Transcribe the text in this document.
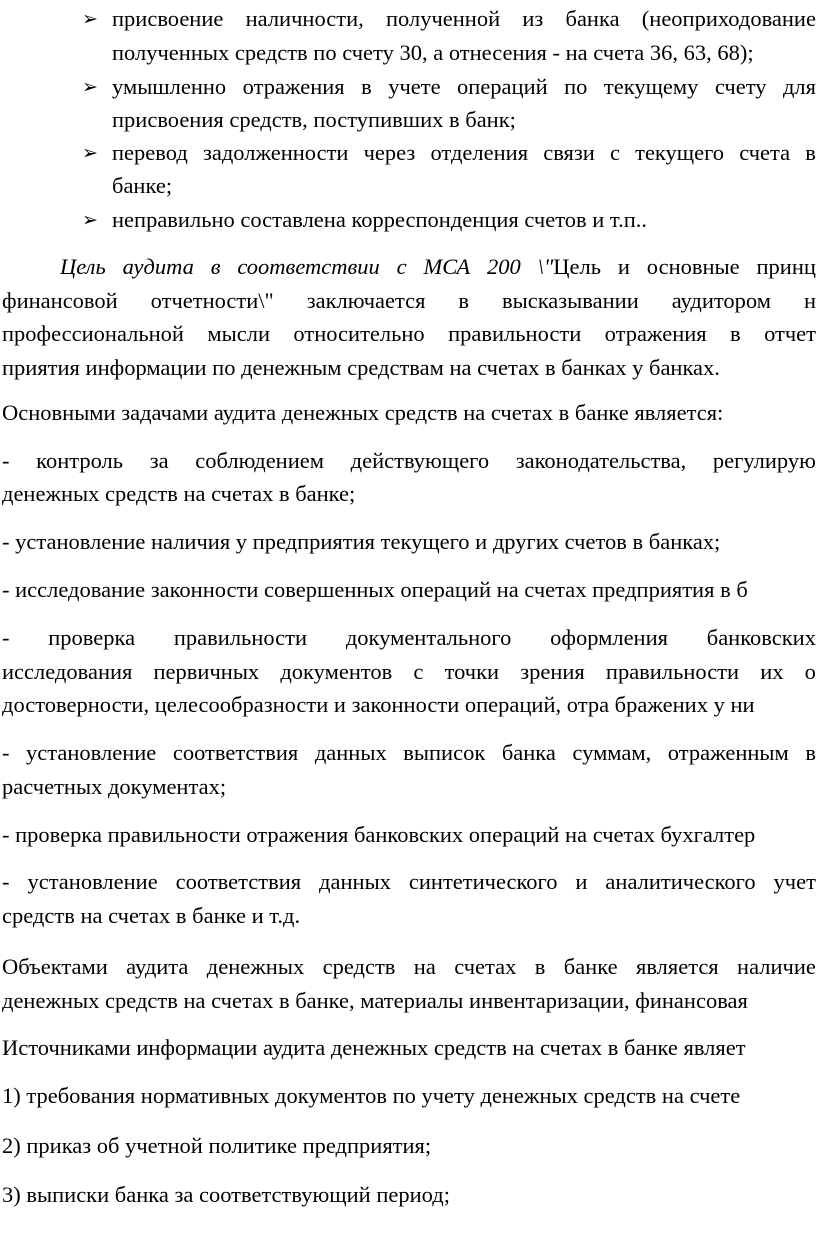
➢ присвоение наличности, полученной из банка (неоприходование
полученных средств по счету 30, а отнесения - на счета 36, 63, 68);
➢ умышленно отражения в учете операций по текущему счету для
присвоения средств, поступивших в банк;
➢ перевод задолженности через отделения связи с текущего счета в
банке;
➢ неправильно составлена корреспонденция счетов и т.п..
Цель аудита в соответствии с МСА 200 \"Цель и основные принц
финансовой отчетности\" заключается в высказывании аудитором н
профессиональной мысли относительно правильности отражения в отчет
приятия информации по денежным средствам на счетах в банках у банках.
Основными задачами аудита денежных средств на счетах в банке является:
- контроль за соблюдением действующего законодательства, регулирую
денежных средств на счетах в банке;
- установление наличия у предприятия текущего и других счетов в банках;
- исследование законности совершенных операций на счетах предприятия в б
- проверка правильности документального оформления банковских
исследования первичных документов с точки зрения правильности их о
достоверности, целесообразности и законности операций, отра бражених у ни
- установление соответствия данных выписок банка суммам, отраженным в
расчетных документах;
- проверка правильности отражения банковских операций на счетах бухгалтер
- установление соответствия данных синтетического и аналитического учет
средств на счетах в банке и т.д.
Объектами аудита денежных средств на счетах в банке является наличие
денежных средств на счетах в банке, материалы инвентаризации, финансовая
Источниками информации аудита денежных средств на счетах в банке являет
1) требования нормативных документов по учету денежных средств на счете
2) приказ об учетной политике предприятия;
3) выписки банка за соответствующий период;
